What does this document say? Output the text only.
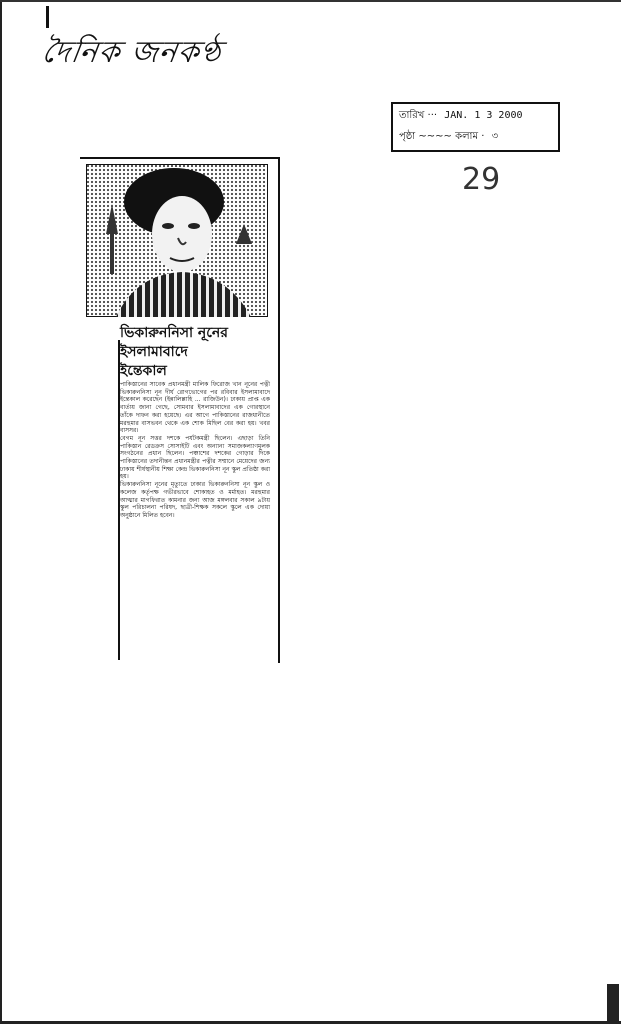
দৈনিক জনকণ্ঠ
তারিখ ··· JAN. 1 3 2000
পৃষ্ঠা ~~~~ কলাম · ৩
29
ভিকারুননিসা নূনের
ইসলামাবাদে
ইন্তেকাল

পাকিস্তানের সাবেক প্রধানমন্ত্রী মালিক ফিরোজ খান নূনের পত্নী ভিকারুননিসা নূন দীর্ঘ রোগভোগের পর রবিবার ইসলামাবাদে ইন্তেকাল করেছেন (ইন্নালিল্লাহি ... রাজিউন)। ঢাকায় প্রাপ্ত এক বার্তায় জানা গেছে, সোমবার ইসলামাবাদের এক গোরস্থানে তাঁকে দাফন করা হয়েছে। এর আগে পাকিস্তানের রাজধানীতে মরহুমার বাসভবন থেকে এক শোক মিছিল বের করা হয়। খবর বাসসর।

বেগম নূন সত্তর দশকে পর্যটকমন্ত্রী ছিলেন। এছাড়া তিনি পাকিস্তান রেডক্রস সোসাইটি এবং অন্যান্য সমাজকল্যাণমূলক সংগঠনের প্রধান ছিলেন। পঞ্চাশের দশকের গোড়ার দিকে পাকিস্তানের তদানীন্তন প্রধানমন্ত্রীর পত্নীর সম্মানে মেয়েদের জন্য ঢাকায় শীর্ষস্থানীয় শিক্ষা কেন্দ্র ভিকারুননিসা নূন স্কুল প্রতিষ্ঠা করা হয়।

ভিকারুননিসা নূনের মৃত্যুতে ঢাকার ভিকারুননিসা নূন স্কুল ও কলেজ কর্তৃপক্ষ গভীরভাবে শোকাহত ও মর্মাহত। মরহুমার আত্মার মাগফিরাত কামনার জন্য আজ মঙ্গলবার সকাল ৯টায় স্কুল পরিচালনা পরিষদ, ছাত্রী-শিক্ষক সকলে স্কুলে এক দোয়া অনুষ্ঠানে মিলিত হবেন।
